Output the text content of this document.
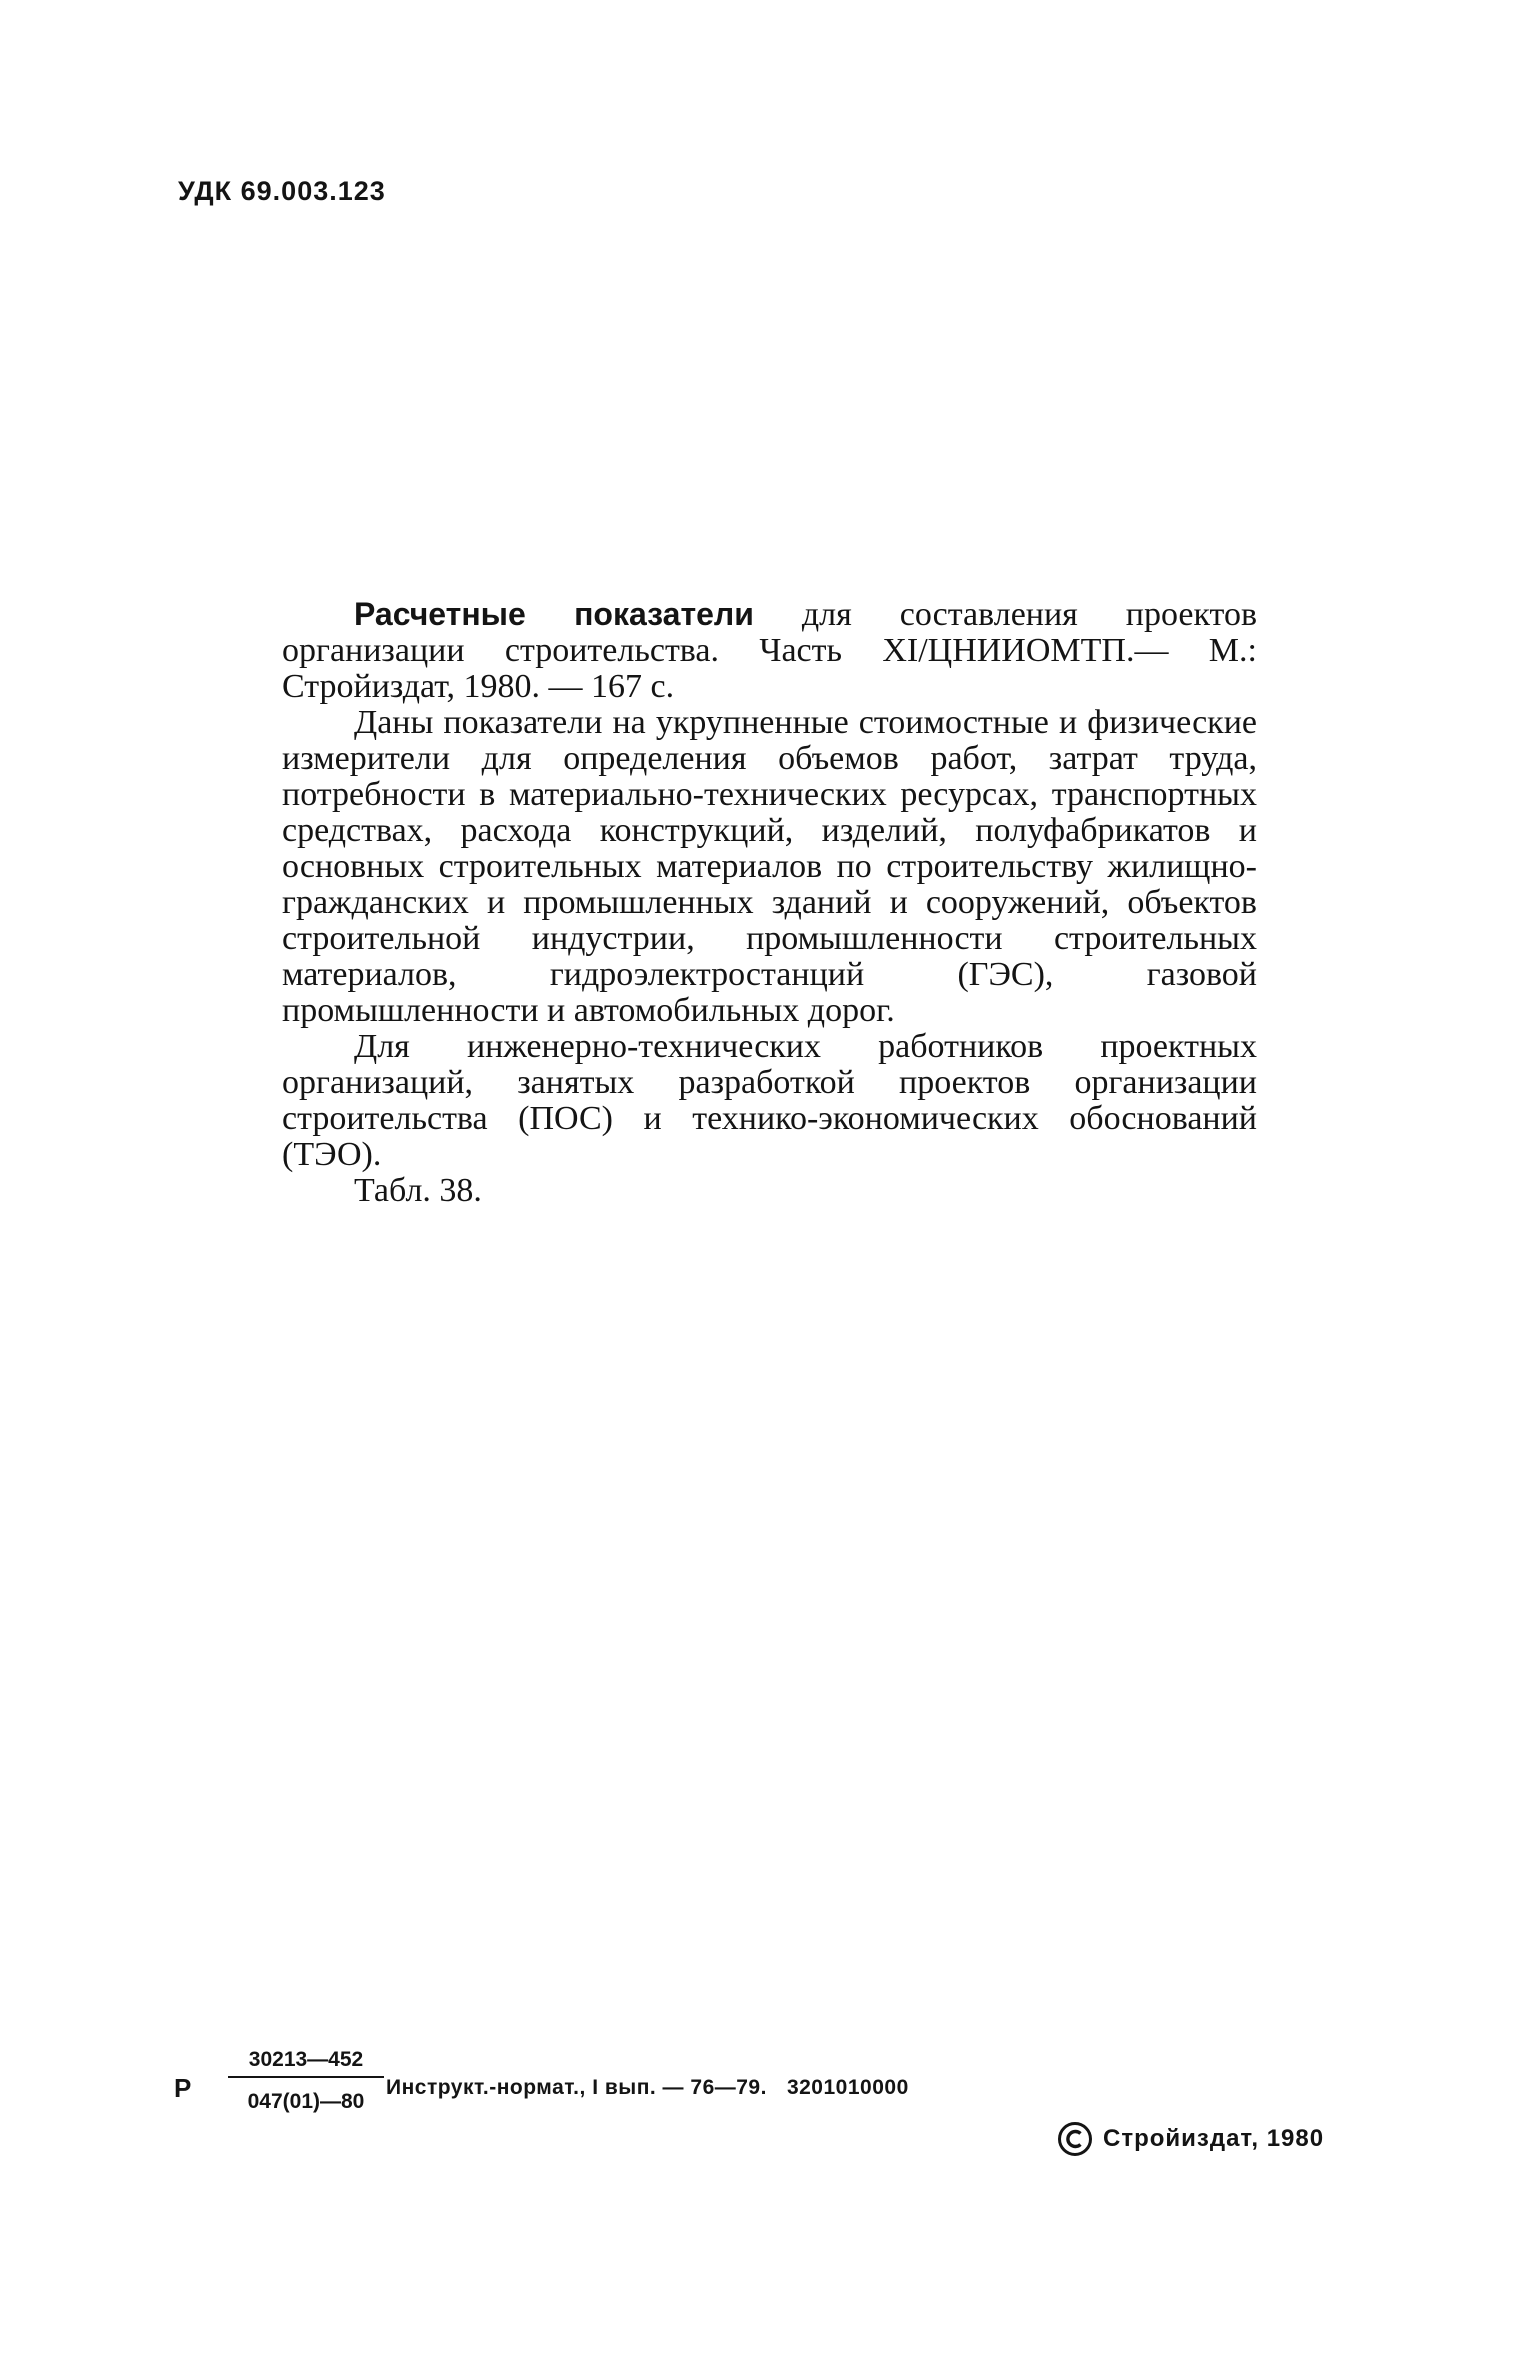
УДК 69.003.123

Расчетные показатели для составления проектов организации строительства. Часть XI/ЦНИИОМТП.— М.: Стройиздат, 1980. — 167 с.

Даны показатели на укрупненные стоимостные и физические измерители для определения объемов работ, затрат труда, потребности в материально-технических ресурсах, транспортных средствах, расхода конструкций, изделий, полуфабрикатов и основных строительных материалов по строительству жилищно-гражданских и промышленных зданий и сооружений, объектов строительной индустрии, промышленности строительных материалов, гидроэлектростанций (ГЭС), газовой промышленности и автомобильных дорог.

Для инженерно-технических работников проектных организаций, занятых разработкой проектов организации строительства (ПОС) и технико-экономических обоснований (ТЭО).

Табл. 38.

Р $\frac{30213—452}{047(01)—80}$ Инструкт.-нормат., I вып. — 76—79. 3201010000
Стройиздат, 1980
